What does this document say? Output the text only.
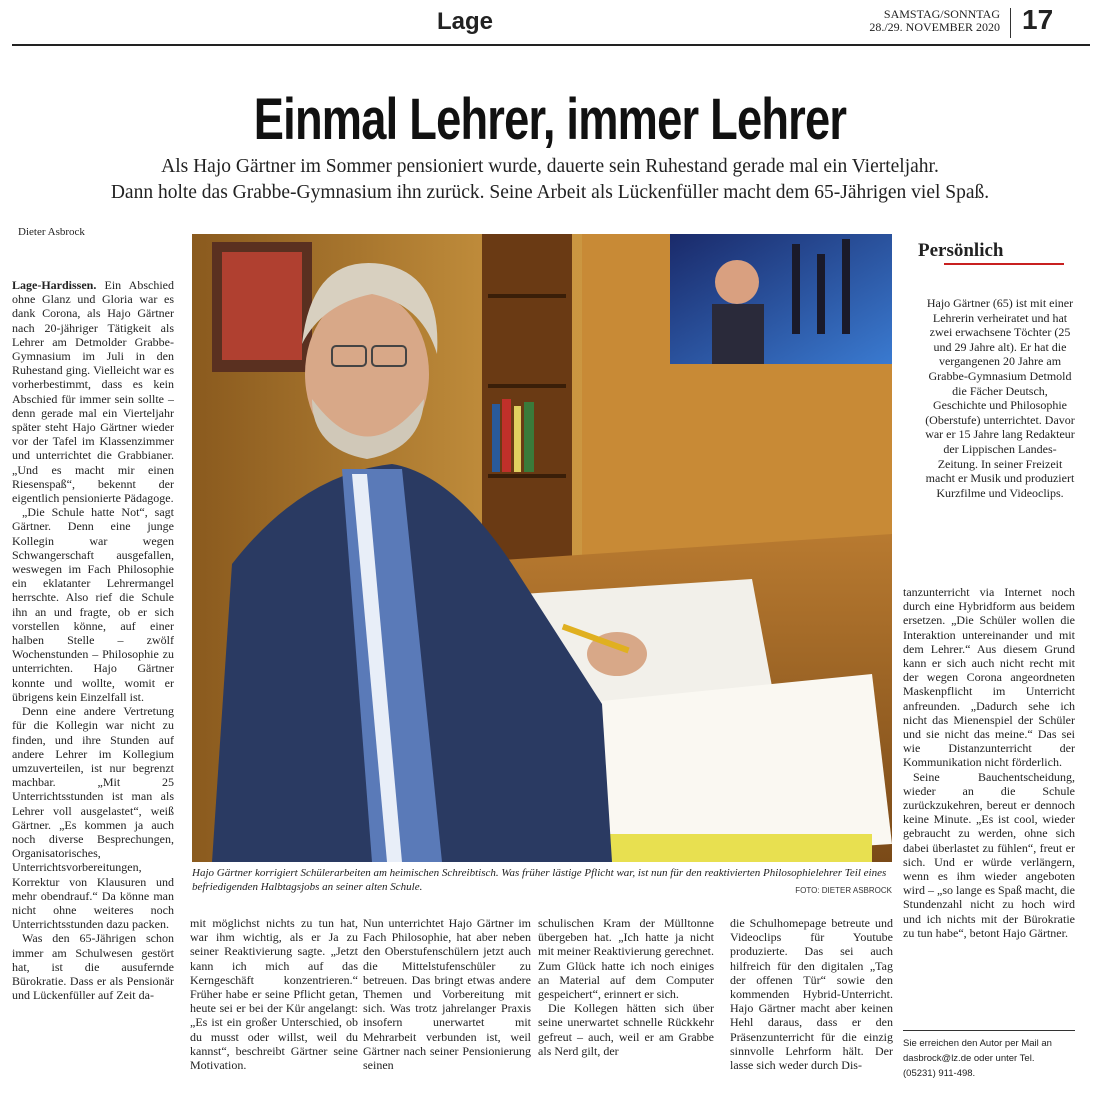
Lage	SAMSTAG/SONNTAG
28./29. NOVEMBER 2020 17
Einmal Lehrer, immer Lehrer
Als Hajo Gärtner im Sommer pensioniert wurde, dauerte sein Ruhestand gerade mal ein Vierteljahr.
Dann holte das Grabbe-Gymnasium ihn zurück. Seine Arbeit als Lückenfüller macht dem 65-Jährigen viel Spaß.
Dieter Asbrock

Lage-Hardissen. Ein Abschied ohne Glanz und Gloria war es dank Corona, als Hajo Gärtner nach 20-jähriger Tätigkeit als Lehrer am Detmolder Grabbe-Gymnasium im Juli in den Ruhestand ging. Vielleicht war es vorherbestimmt, dass es kein Abschied für immer sein sollte – denn gerade mal ein Vierteljahr später steht Hajo Gärtner wieder vor der Tafel im Klassenzimmer und unterrichtet die Grabbianer. „Und es macht mir einen Riesenspaß“, bekennt der eigentlich pensionierte Pädagoge.

„Die Schule hatte Not“, sagt Gärtner. Denn eine junge Kollegin war wegen Schwangerschaft ausgefallen, weswegen im Fach Philosophie ein eklatanter Lehrermangel herrschte. Also rief die Schule ihn an und fragte, ob er sich vorstellen könne, auf einer halben Stelle – zwölf Wochenstunden – Philosophie zu unterrichten. Hajo Gärtner konnte und wollte, womit er übrigens kein Einzelfall ist.

Denn eine andere Vertretung für die Kollegin war nicht zu finden, und ihre Stunden auf andere Lehrer im Kollegium umzuverteilen, ist nur begrenzt machbar. „Mit 25 Unterrichtsstunden ist man als Lehrer voll ausgelastet“, weiß Gärtner. „Es kommen ja auch noch diverse Besprechungen, Organisatorisches, Unterrichtsvorbereitungen, Korrektur von Klausuren und mehr obendrauf.“ Da könne man nicht ohne weiteres noch Unterrichtsstunden dazu packen.

Was den 65-Jährigen schon immer am Schulwesen gestört hat, ist die ausufernde Bürokratie. Dass er als Pensionär und Lückenfüller auf Zeit da-

Hajo Gärtner korrigiert Schülerarbeiten am heimischen Schreibtisch. Was früher lästige Pflicht war, ist nun für den reaktivierten Philosophielehrer Teil eines befriedigenden Halbtagsjobs an seiner alten Schule.	FOTO: DIETER ASBROCK
Persönlich
Hajo Gärtner (65) ist mit einer Lehrerin verheiratet und hat zwei erwachsene Töchter (25 und 29 Jahre alt). Er hat die vergangenen 20 Jahre am Grabbe-Gymnasium Detmold die Fächer Deutsch, Geschichte und Philosophie (Oberstufe) unterrichtet. Davor war er 15 Jahre lang Redakteur der Lippischen Landes-Zeitung. In seiner Freizeit macht er Musik und produziert Kurzfilme und Videoclips.

mit möglichst nichts zu tun hat, war ihm wichtig, als er Ja zu seiner Reaktivierung sagte. „Jetzt kann ich mich auf das Kerngeschäft konzentrieren.“ Früher habe er seine Pflicht getan, heute sei er bei der Kür angelangt: „Es ist ein großer Unterschied, ob du musst oder willst, weil du kannst“, beschreibt Gärtner seine Motivation.

Nun unterrichtet Hajo Gärtner im Fach Philosophie, hat aber neben den Oberstufenschülern jetzt auch die Mittelstufenschüler zu betreuen. Das bringt etwas andere Themen und Vorbereitung mit sich. Was trotz jahrelanger Praxis insofern unerwartet mit Mehrarbeit verbunden ist, weil Gärtner nach seiner Pensionierung seinen

schulischen Kram der Mülltonne übergeben hat. „Ich hatte ja nicht mit meiner Reaktivierung gerechnet. Zum Glück hatte ich noch einiges an Material auf dem Computer gespeichert“, erinnert er sich.

Die Kollegen hätten sich über seine unerwartet schnelle Rückkehr gefreut – auch, weil er am Grabbe als Nerd gilt, der

die Schulhomepage betreute und Videoclips für Youtube produzierte. Das sei auch hilfreich für den digitalen „Tag der offenen Tür“ sowie den kommenden Hybrid-Unterricht. Hajo Gärtner macht aber keinen Hehl daraus, dass er den Präsenzunterricht für die einzig sinnvolle Lehrform hält. Der lasse sich weder durch Dis-

tanzunterricht via Internet noch durch eine Hybridform aus beidem ersetzen. „Die Schüler wollen die Interaktion untereinander und mit dem Lehrer.“ Aus diesem Grund kann er sich auch nicht recht mit der wegen Corona angeordneten Maskenpflicht im Unterricht anfreunden. „Dadurch sehe ich nicht das Mienenspiel der Schüler und sie nicht das meine.“ Das sei wie Distanzunterricht der Kommunikation nicht förderlich.

Seine Bauchentscheidung, wieder an die Schule zurückzukehren, bereut er dennoch keine Minute. „Es ist cool, wieder gebraucht zu werden, ohne sich dabei überlastet zu fühlen“, freut er sich. Und er würde verlängern, wenn es ihm wieder angeboten wird – „so lange es Spaß macht, die Stundenzahl nicht zu hoch wird und ich nichts mit der Bürokratie zu tun habe“, betont Hajo Gärtner.

Sie erreichen den Autor per Mail an
dasbrock@lz.de oder unter Tel.
(05231) 911-498.
